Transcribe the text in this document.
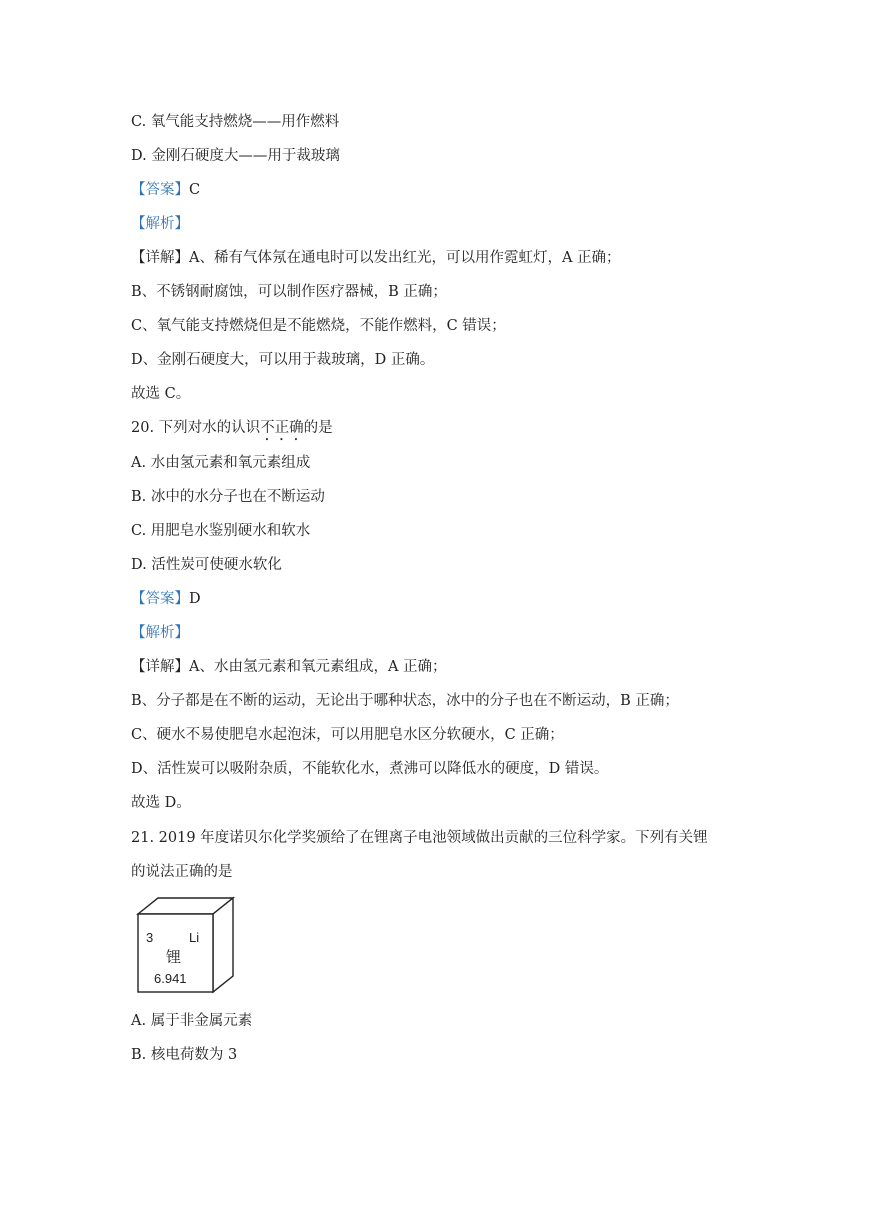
C. 氧气能支持燃烧——用作燃料
D. 金刚石硬度大——用于裁玻璃
【答案】C
【解析】
【详解】A、稀有气体氖在通电时可以发出红光，可以用作霓虹灯，A 正确；
B、不锈钢耐腐蚀，可以制作医疗器械，B 正确；
C、氧气能支持燃烧但是不能燃烧，不能作燃料，C 错误；
D、金刚石硬度大，可以用于裁玻璃，D 正确。
故选 C。
20. 下列对水的认识不正确的是
A. 水由氢元素和氧元素组成
B. 冰中的水分子也在不断运动
C. 用肥皂水鉴别硬水和软水
D. 活性炭可使硬水软化
【答案】D
【解析】
【详解】A、水由氢元素和氧元素组成，A 正确；
B、分子都是在不断的运动，无论出于哪种状态，冰中的分子也在不断运动，B 正确；
C、硬水不易使肥皂水起泡沫，可以用肥皂水区分软硬水，C 正确；
D、活性炭可以吸附杂质，不能软化水，煮沸可以降低水的硬度，D 错误。
故选 D。
21. 2019 年度诺贝尔化学奖颁给了在锂离子电池领域做出贡献的三位科学家。下列有关锂
的说法正确的是
3	Li
锂
6.941
A. 属于非金属元素
B. 核电荷数为 3
